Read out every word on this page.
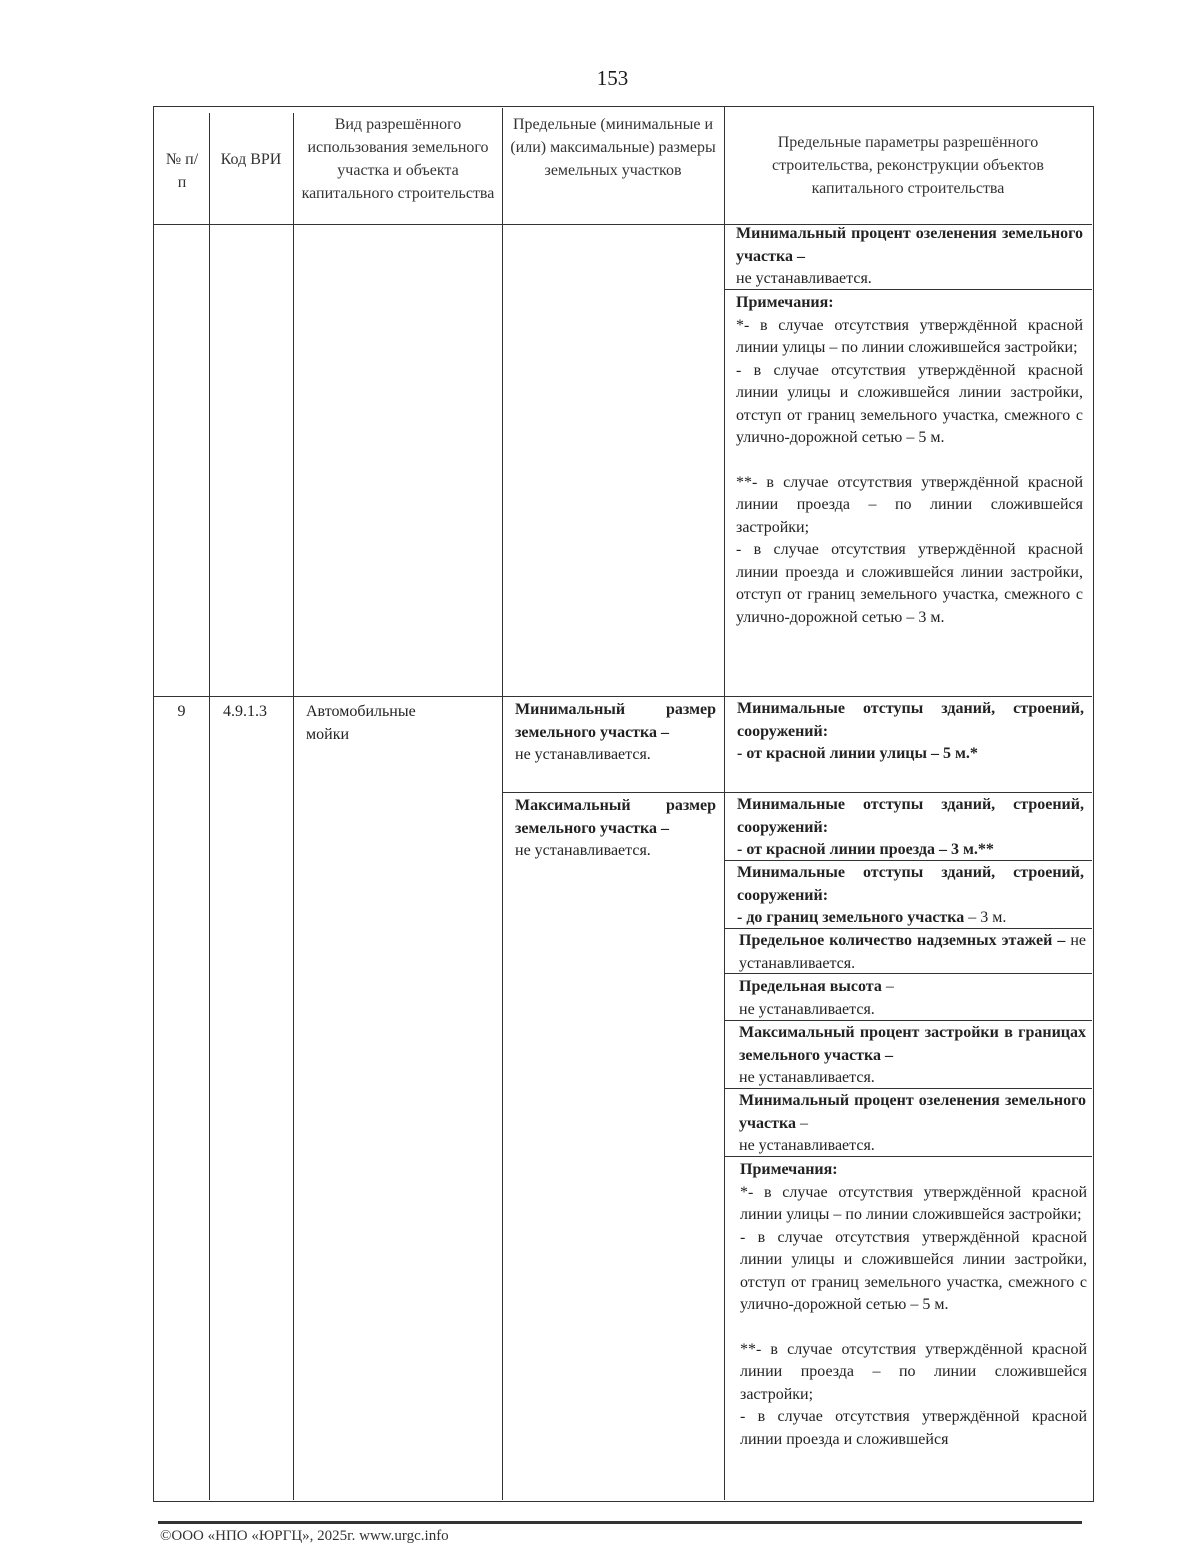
153
№ п/п
Код ВРИ
Вид разрешённого использования земельного участка и объекта капитального строительства
Предельные (минимальные и (или) максимальные) размеры земельных участков
Предельные параметры разрешённого строительства, реконструкции объектов капитального строительства
Минимальный процент озеленения земельного участка –
не устанавливается.
Примечания:
*- в случае отсутствия утверждённой красной линии улицы – по линии сложившейся застройки;
- в случае отсутствия утверждённой красной линии улицы и сложившейся линии застройки, отступ от границ земельного участка, смежного с улично-дорожной сетью – 5 м.
**- в случае отсутствия утверждённой красной линии проезда – по линии сложившейся застройки;
- в случае отсутствия утверждённой красной линии проезда и сложившейся линии застройки, отступ от границ земельного участка, смежного с улично-дорожной сетью – 3 м.
9	4.9.1.3 Автомобильные мойки
Минимальный размер земельного участка –
не устанавливается.
Максимальный размер земельного участка –
не устанавливается.
Минимальные отступы зданий, строений, сооружений:
- от красной линии улицы – 5 м.*
Минимальные отступы зданий, строений, сооружений:
- от красной линии проезда – 3 м.**
Минимальные отступы зданий, строений, сооружений:
- до границ земельного участка – 3 м.
Предельное количество надземных этажей – не устанавливается.
Предельная высота –
не устанавливается.
Максимальный процент застройки в границах земельного участка –
не устанавливается.
Минимальный процент озеленения земельного участка –
не устанавливается.
Примечания:
*- в случае отсутствия утверждённой красной линии улицы – по линии сложившейся застройки;
- в случае отсутствия утверждённой красной линии улицы и сложившейся линии застройки, отступ от границ земельного участка, смежного с улично-дорожной сетью – 5 м.
**- в случае отсутствия утверждённой красной линии проезда – по линии сложившейся застройки;
- в случае отсутствия утверждённой красной линии проезда и сложившейся
©ООО «НПО «ЮРГЦ», 2025г. www.urgc.info
